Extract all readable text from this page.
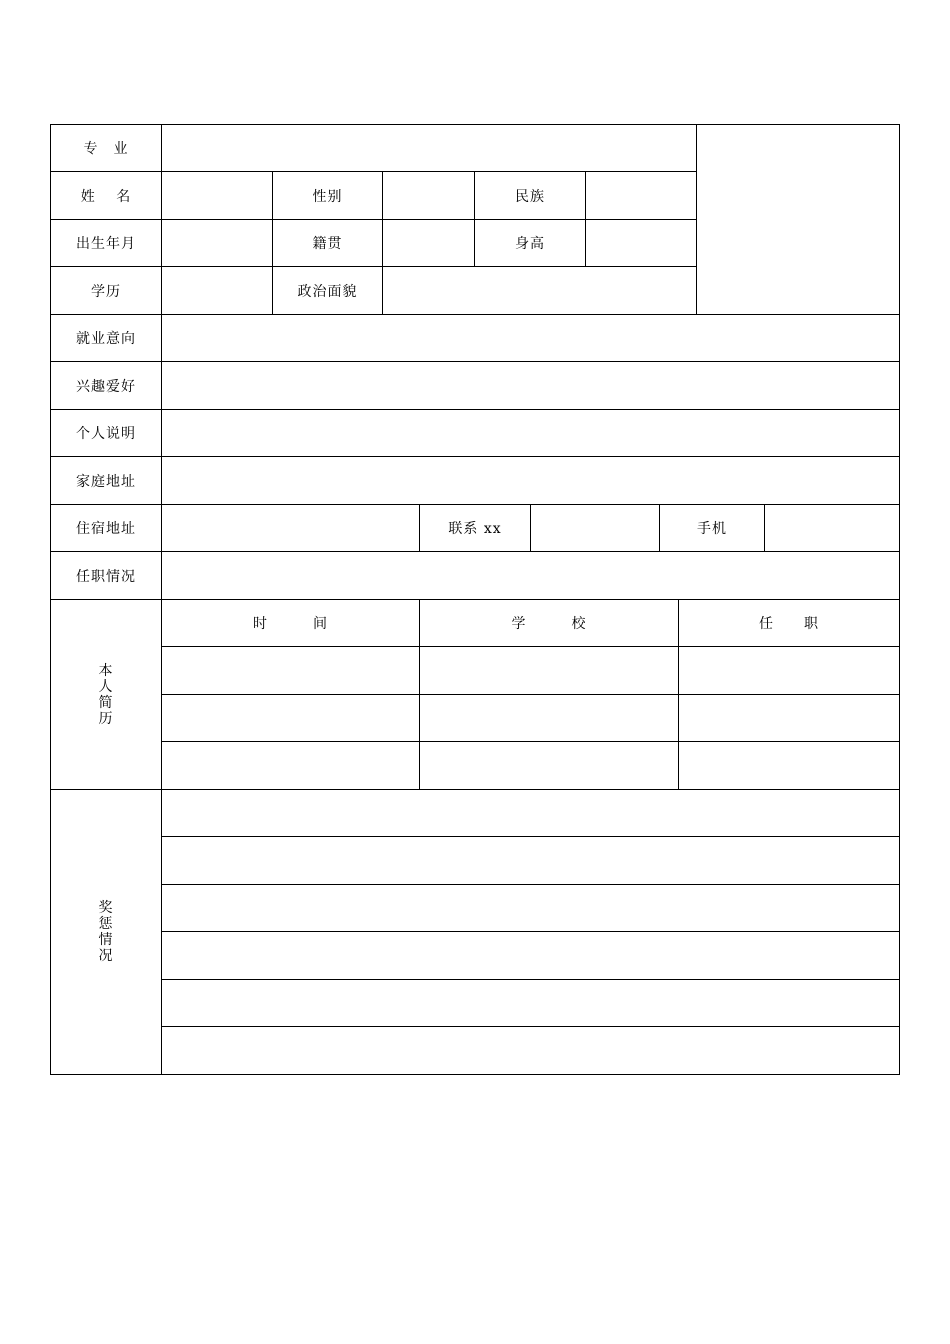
专　业
姓　 名	性别	民族
出生年月	籍贯	身高
学历	政治面貌
就业意向
兴趣爱好
个人说明
家庭地址
住宿地址	联系 xx	手机
任职情况
本
人
简
历
时　　　间	学　　　校	任　　职
奖
惩
情
况
